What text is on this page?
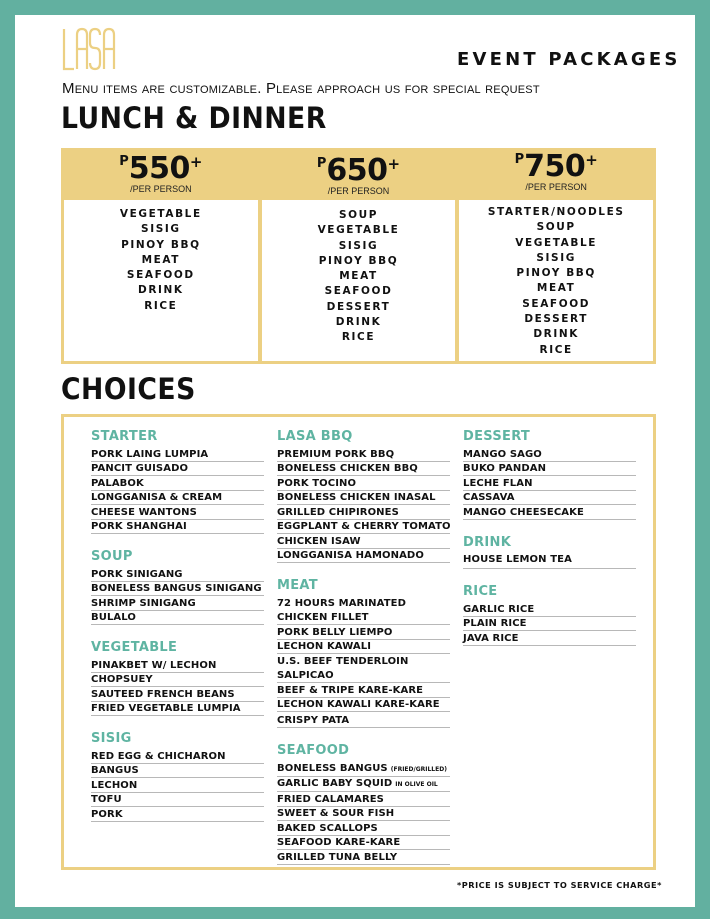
EVENT PACKAGES
Menu items are customizable. Please approach us for special request
LUNCH & DINNER
$^P$550+
/PER PERSON
VEGETABLE
SISIG
PINOY BBQ
MEAT
SEAFOOD
DRINK
RICE
$^P$650+
/PER PERSON
SOUP
VEGETABLE
SISIG
PINOY BBQ
MEAT
SEAFOOD
DESSERT
DRINK
RICE
$^P$750+
/PER PERSON
STARTER/NOODLES
SOUP
VEGETABLE
SISIG
PINOY BBQ
MEAT
SEAFOOD
DESSERT
DRINK
RICE
CHOICES
STARTER
PORK LAING LUMPIA
PANCIT GUISADO
PALABOK
LONGGANISA & CREAM
CHEESE WANTONS
PORK SHANGHAI
SOUP
PORK SINIGANG
BONELESS BANGUS SINIGANG
SHRIMP SINIGANG
BULALO
VEGETABLE
PINAKBET W/ LECHON
CHOPSUEY
SAUTEED FRENCH BEANS
FRIED VEGETABLE LUMPIA
SISIG
RED EGG & CHICHARON
BANGUS
LECHON
TOFU
PORK
LASA BBQ
PREMIUM PORK BBQ
BONELESS CHICKEN BBQ
PORK TOCINO
BONELESS CHICKEN INASAL
GRILLED CHIPIRONES
EGGPLANT & CHERRY TOMATO
CHICKEN ISAW
LONGGANISA HAMONADO
MEAT
72 HOURS MARINATED
CHICKEN FILLET
PORK BELLY LIEMPO
LECHON KAWALI
U.S. BEEF TENDERLOIN
SALPICAO
BEEF & TRIPE KARE-KARE
LECHON KAWALI KARE-KARE
CRISPY PATA
SEAFOOD
BONELESS BANGUS (FRIED/GRILLED)
GARLIC BABY SQUID IN OLIVE OIL
FRIED CALAMARES
SWEET & SOUR FISH
BAKED SCALLOPS
SEAFOOD KARE-KARE
GRILLED TUNA BELLY
DESSERT
MANGO SAGO
BUKO PANDAN
LECHE FLAN
CASSAVA
MANGO CHEESECAKE
DRINK
HOUSE LEMON TEA
RICE
GARLIC RICE
PLAIN RICE
JAVA RICE
*PRICE IS SUBJECT TO SERVICE CHARGE*
